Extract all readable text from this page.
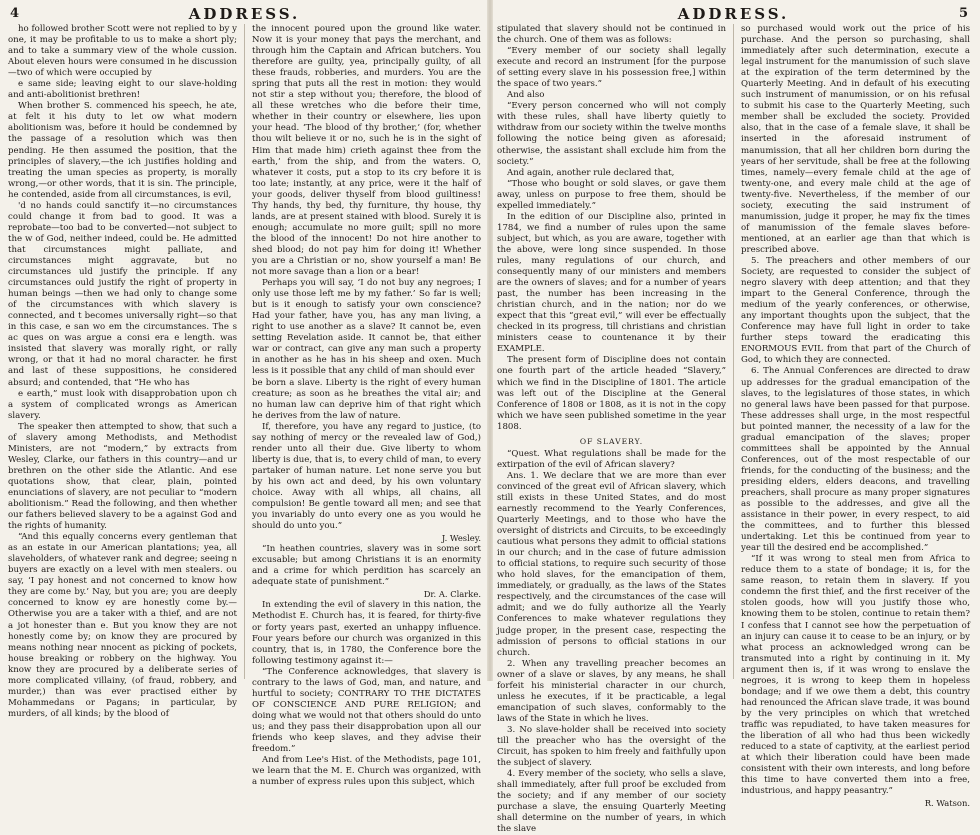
4	ADDRESS.

ho followed brother Scott were not replied to by y one, it may be profitable to us to make a short ply; and to take a summary view of the whole cussion. About eleven hours were consumed in he discussion—two of which were occupied by

e same side; leaving eight to our slave-holding and anti-abolitionist brethren!

When brother S. commenced his speech, he ate, at felt it his duty to let ow what modern abolitionism was, before it hould be condemned by the passage of a resolution which was then pending. He then assumed the position, that the principles of slavery,—the ich justifies holding and treating the uman species as property, is morally wrong,—or other words, that it is sin. The principle, he contended, aside from all circumstances, is evil,

'd no hands could sanctify it—no circumstances could change it from bad to good. It was a reprobate—too bad to be converted—not subject to the w of God, neither indeed, could be. He admitted that circumstances might palliate, and circumstances might aggravate, but no circumstances uld justify the principle. If any circumstances ould justify the right of property in human beings —then we had only to change some of the circumstances with which slavery is connected, and t becomes universally right—so that in this case, e san wo em the circumstances. The s ac ques on was argue a consi era e length. was insisted that slavery was morally right, or rally wrong, or that it had no moral character. he first and last of these suppositions, he considered absurd; and contended, that “He who has

e earth,” must look with disapprobation upon ch a system of complicated wrongs as American slavery.

The speaker then attempted to show, that such a of slavery among Methodists, and Methodist Ministers, are not “modern,” by extracts from Wesley, Clarke, our fathers in this country—and ur brethren on the other side the Atlantic. And ese quotations show, that clear, plain, pointed enunciations of slavery, are not peculiar to “modern abolitionism.” Read the following, and then whether our fathers believed slavery to be a against God and the rights of humanity.

“And this equally concerns every gentleman that as an estate in our American plantations; yea, all slaveholders, of whatever rank and degree; seeing n buyers are exactly on a level with men stealers. ou say, ‘I pay honest and not concerned to know how they are come by.’ Nay, but you are; you are deeply concerned to know ey are honestly come by.—Otherwise you are a taker with a thief, and are not a jot honester than e. But you know they are not honestly come by; on know they are procured by means nothing near nnocent as picking of pockets, house breaking or robbery on the highway. You know they are procured by a deliberate series of more complicated villainy, (of fraud, robbery, and murder,) than was ever practised either by Mohammedans or Pagans; in particular, by murders, of all kinds; by the blood of

the innocent poured upon the ground like water. Now it is your money that pays the merchant, and through him the Captain and African butchers. You therefore are guilty, yea, principally guilty, of all these frauds, robberies, and murders. You are the spring that puts all the rest in motion: they would not stir a step without you; therefore, the blood of all these wretches who die before their time, whether in their country or elsewhere, lies upon your head. ‘The blood of thy brother,’ (for, whether thou wilt believe it or no, such he is in the sight of Him that made him) crieth against thee from the earth,’ from the ship, and from the waters. O, whatever it costs, put a stop to its cry before it is too late; instantly, at any price, were it the half of your goods, deliver thyself from blood guiltiness! Thy hands, thy bed, thy furniture, thy house, thy lands, are at present stained with blood. Surely it is enough; accumulate no more guilt; spill no more the blood of the innocent! Do not hire another to shed blood; do not pay him for doing it! Whether you are a Christian or no, show yourself a man! Be not more savage than a lion or a bear!

Perhaps you will say, ‘I do not buy any negroes; I only use those left me by my father.’ So far is well; but is it enough to satisfy your own conscience? Had your father, have you, has any man living, a right to use another as a slave? It cannot be, even setting Revelation aside. It cannot be, that either war or contract, can give any man such a property in another as he has in his sheep and oxen. Much less is it possible that any child of man should ever

be born a slave. Liberty is the right of every human creature; as soon as he breathes the vital air; and no human law can deprive him of that right which he derives from the law of nature.

If, therefore, you have any regard to justice, (to say nothing of mercy or the revealed law of God,) render unto all their due. Give liberty to whom liberty is due, that is, to every child of man, to every partaker of human nature. Let none serve you but by his own act and deed, by his own voluntary choice. Away with all whips, all chains, all compulsion! Be gentle toward all men; and see that you invariably do unto every one as you would he should do unto you.”

J. Wesley.

“In heathen countries, slavery was in some sort excusable; but among Christians it is an enormity and a crime for which perdition has scarcely an adequate state of punishment.”

Dr. A. Clarke.

In extending the evil of slavery in this nation, the Methodist E. Church has, it is feared, for thirty-five or forty years past, exerted an unhappy influence. Four years before our church was organized in this country, that is, in 1780, the Conference bore the following testimony against it:—

“The Conference acknowledges, that slavery is contrary to the laws of God, man, and nature, and hurtful to society; CONTRARY TO THE DICTATES OF CONSCIENCE AND PURE RELIGION; and doing what we would not that others should do unto us; and they pass their disapprobation upon all our friends who keep slaves, and they advise their freedom.”

And from Lee's Hist. of the Methodists, page 101, we learn that the M. E. Church was organized, with a number of express rules upon this subject, which

ADDRESS.	5

stipulated that slavery should not be continued in the church. One of them was as follows:

“Every member of our society shall legally execute and record an instrument [for the purpose of setting every slave in his possession free,] within the space of two years.”

And also

“Every person concerned who will not comply with these rules, shall have liberty quietly to withdraw from our society within the twelve months following the notice being given as aforesaid; otherwise, the assistant shall exclude him from the society.”

And again, another rule declared that,

“Those who bought or sold slaves, or gave them away, unless on purpose to free them, should be expelled immediately.”

In the edition of our Discipline also, printed in 1784, we find a number of rules upon the same subject, but which, as you are aware, together with the above, were long since suspended. In those rules, many regulations of our church, and consequently many of our ministers and members are the owners of slaves; and for a number of years past, the number has been increasing in the christian church, and in the nation; nor do we expect that this “great evil,” will ever be effectually checked in its progress, till christians and christian ministers cease to countenance it by their EXAMPLE.

The present form of Discipline does not contain one fourth part of the article headed “Slavery,” which we find in the Discipline of 1801. The article was left out of the Discipline at the General Conference of 1808 or 1808, as it is not in the copy which we have seen published sometime in the year 1808.

OF SLAVERY.

“Quest. What regulations shall be made for the extirpation of the evil of African slavery?

Ans. 1. We declare that we are more than ever convinced of the great evil of African slavery, which still exists in these United States, and do most earnestly recommend to the Yearly Conferences, Quarterly Meetings, and to those who have the oversight of districts and Circuits, to be exceedingly cautious what persons they admit to official stations in our church; and in the case of future admission to official stations, to require such security of those who hold slaves, for the emancipation of them, immediately, or gradually, as the laws of the States respectively, and the circumstances of the case will admit; and we do fully authorize all the Yearly Conferences to make whatever regulations they judge proper, in the present case, respecting the admission of persons to official stations in our church.

2. When any travelling preacher becomes an owner of a slave or slaves, by any means, he shall forfeit his ministerial character in our church, unless he executes, if it be practicable, a legal emancipation of such slaves, conformably to the laws of the State in which he lives.

3. No slave-holder shall be received into society till the preacher who has the oversight of the Circuit, has spoken to him freely and faithfully upon the subject of slavery.

4. Every member of the society, who sells a slave, shall immediately, after full proof be excluded from the society; and if any member of our society purchase a slave, the ensuing Quarterly Meeting shall determine on the number of years, in which the slave

so purchased would work out the price of his purchase. And the person so purchasing, shall immediately after such determination, execute a legal instrument for the manumission of such slave at the expiration of the term determined by the Quarterly Meeting. And in default of his executing such instrument of manumission, or on his refusal to submit his case to the Quarterly Meeting, such member shall be excluded the society. Provided also, that in the case of a female slave, it shall be inserted in the aforesaid instrument of manumission, that all her children born during the years of her servitude, shall be free at the following times, namely—every female child at the age of twenty-one, and every male child at the age of twenty-five. Nevertheless, if the member of our society, executing the said instrument of manumission, judge it proper, he may fix the times of manumission of the female slaves before-mentioned, at an earlier age than that which is prescribed above.

5. The preachers and other members of our Society, are requested to consider the subject of negro slavery with deep attention; and that they impart to the General Conference, through the medium of the yearly conferences, or otherwise, any important thoughts upon the subject, that the Conference may have full light in order to take further steps toward the eradicating this ENORMOUS EVIL from that part of the Church of God, to which they are connected.

6. The Annual Conferences are directed to draw up addresses for the gradual emancipation of the slaves, to the legislatures of those states, in which no general laws have been passed for that purpose. These addresses shall urge, in the most respectful but pointed manner, the necessity of a law for the gradual emancipation of the slaves; proper committees shall be appointed by the Annual Conferences, out of the most respectable of our friends, for the conducting of the business; and the presiding elders, elders deacons, and travelling preachers, shall procure as many proper signatures as possible to the addresses, and give all the assistance in their power, in every respect, to aid the committees, and to further this blessed undertaking. Let this be continued from year to year till the desired end be accomplished.”

“If it was wrong to steal men from Africa to reduce them to a state of bondage; it is, for the same reason, to retain them in slavery. If you condemn the first thief, and the first receiver of the stolen goods, how will you justify those who, knowing them to be stolen, continue to retain them? I confess that I cannot see how the perpetuation of an injury can cause it to cease to be an injury, or by what process an acknowledged wrong can be transmuted into a right by continuing in it. My argument then is, if it was wrong to enslave the negroes, it is wrong to keep them in hopeless bondage; and if we owe them a debt, this country had renounced the African slave trade, it was bound by the very principles on which that wretched traffic was repudiated, to have taken measures for the liberation of all who had thus been wickedly reduced to a state of captivity, at the earliest period at which their liberation could have been made consistent with their own interests, and long before this time to have converted them into a free, industrious, and happy peasantry.”

R. Watson.
